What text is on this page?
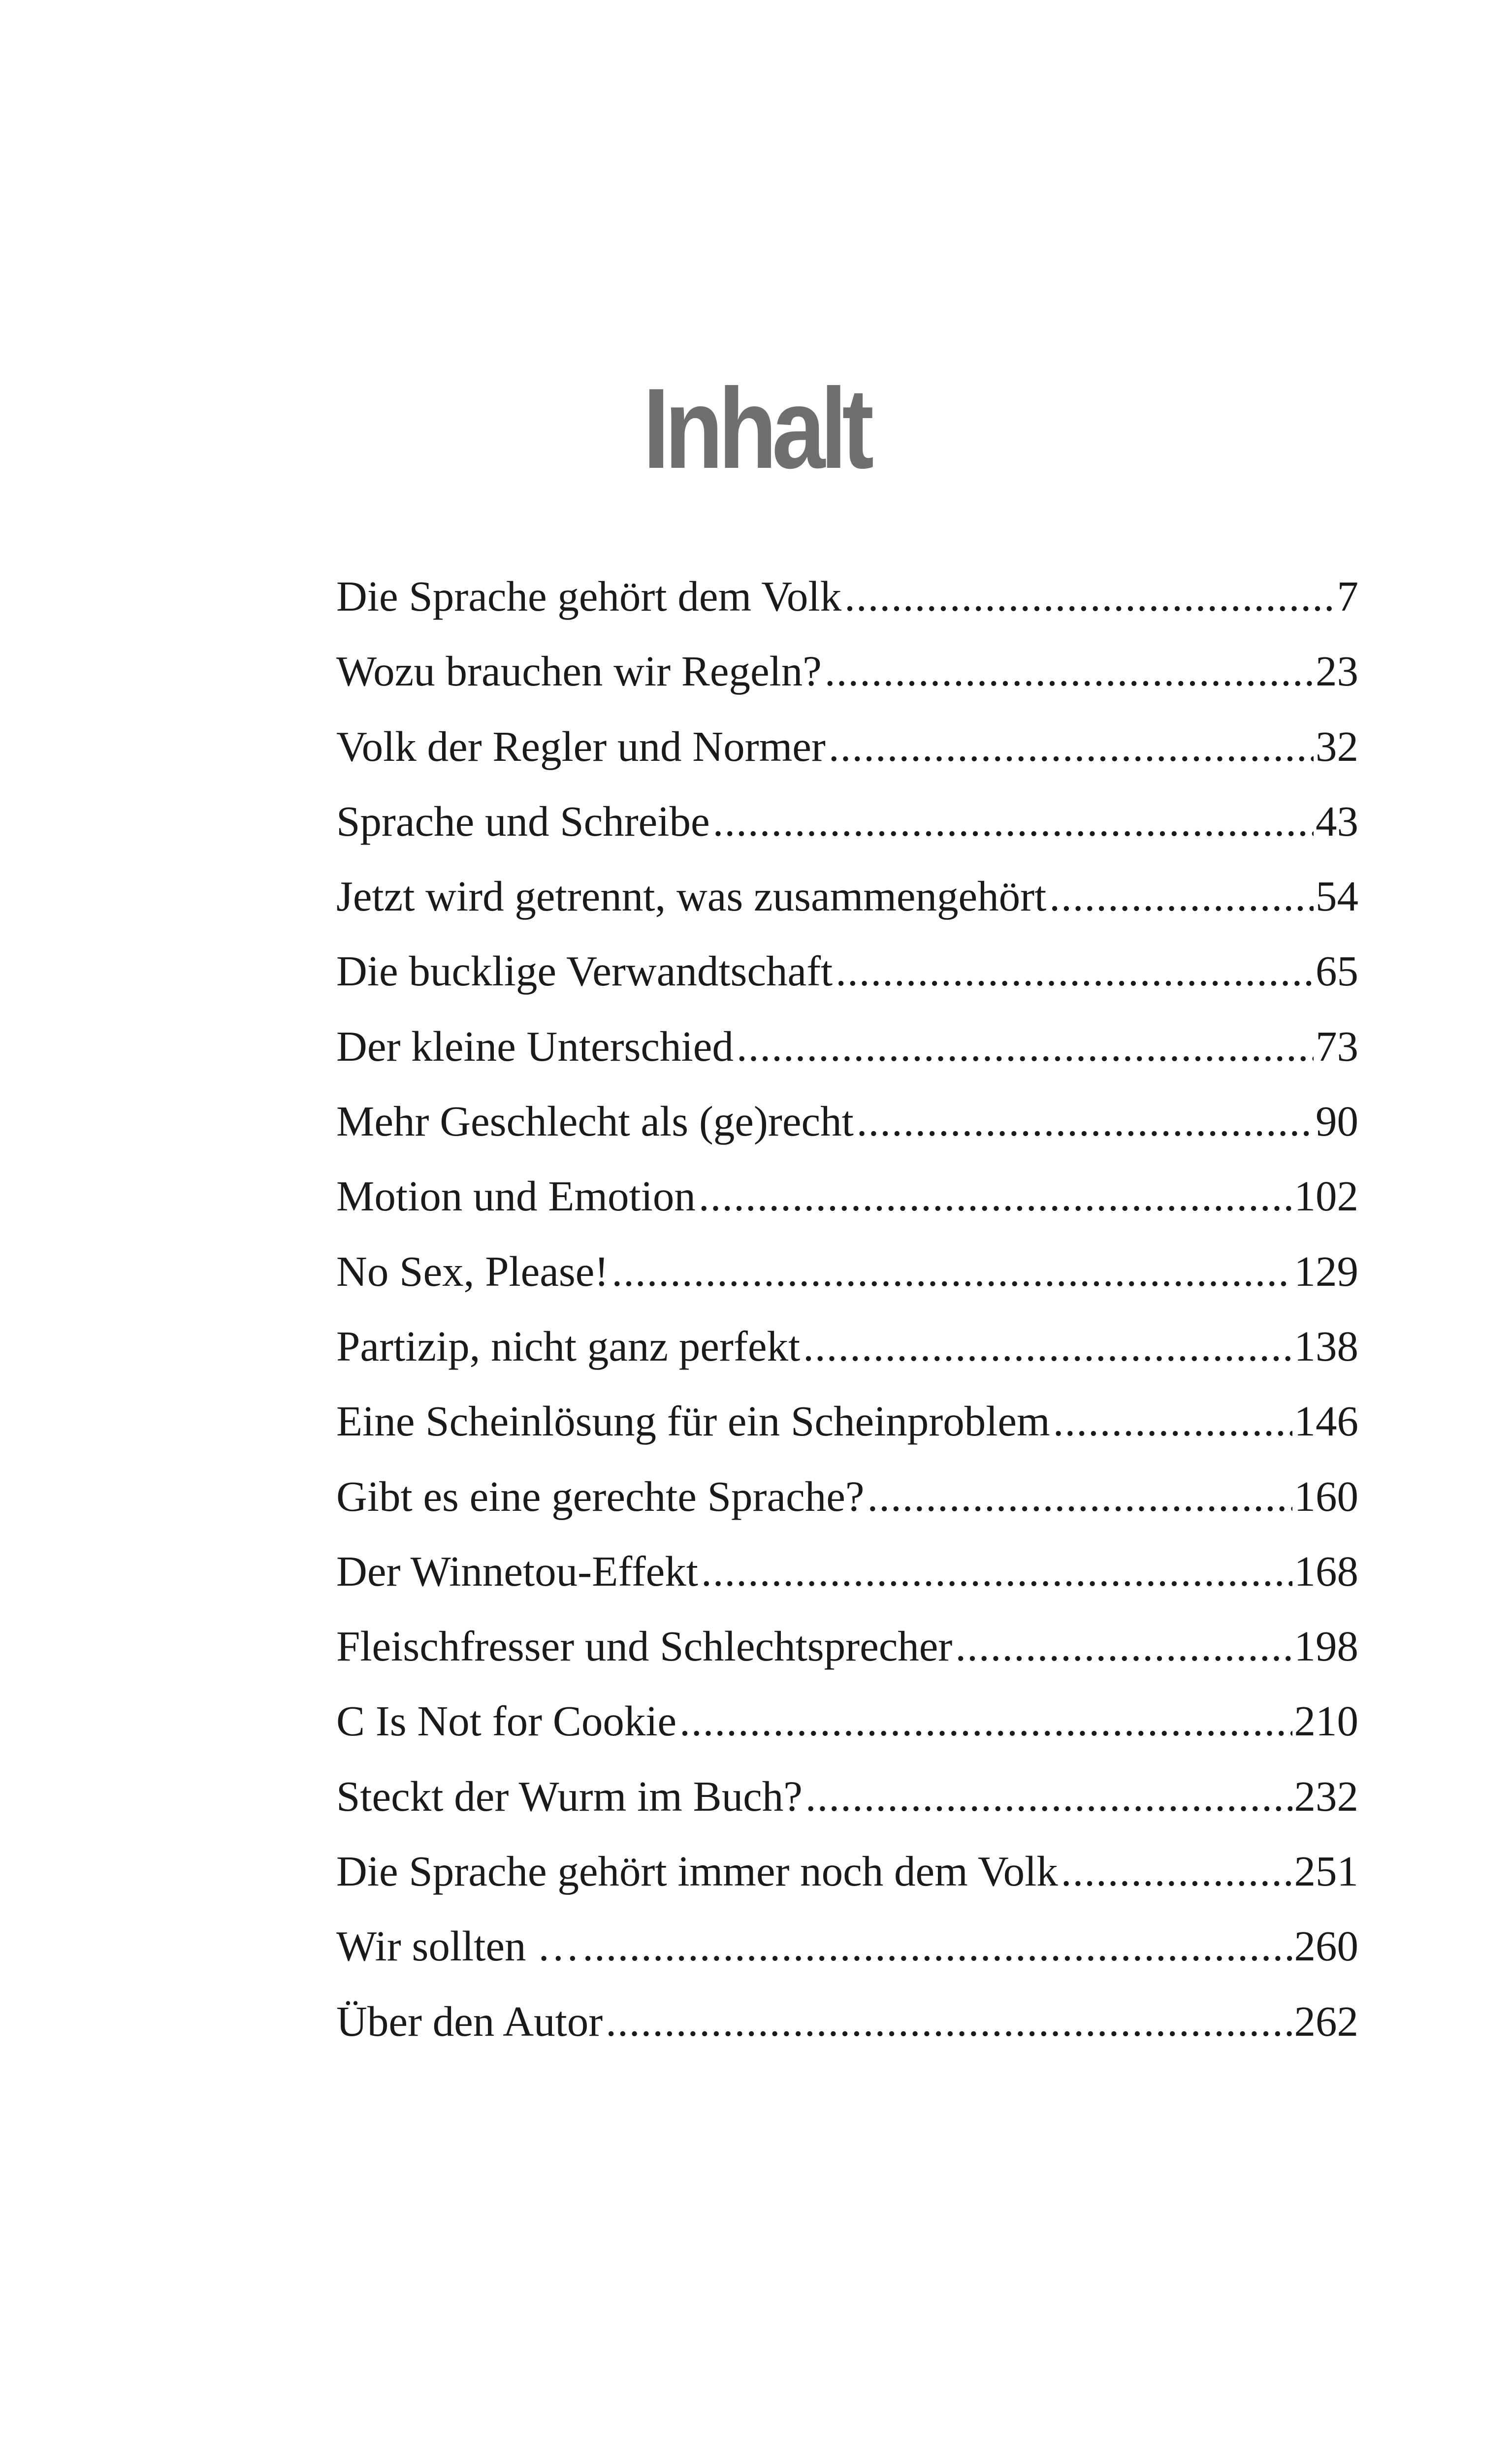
Inhalt
Die Sprache gehört dem Volk .....	7
Wozu brauchen wir Regeln? .....	23
Volk der Regler und Normer .....	32
Sprache und Schreibe .....	43
Jetzt wird getrennt, was zusammengehört .....	54
Die bucklige Verwandtschaft .....	65
Der kleine Unterschied .....	73
Mehr Geschlecht als (ge)recht .....	90
Motion und Emotion .....	102
No Sex, Please! .....	129
Partizip, nicht ganz perfekt .....	138
Eine Scheinlösung für ein Scheinproblem .....	146
Gibt es eine gerechte Sprache? .....	160
Der Winnetou-Effekt .....	168
Fleischfresser und Schlechtsprecher .....	198
C Is Not for Cookie .....	210
Steckt der Wurm im Buch? .....	232
Die Sprache gehört immer noch dem Volk .....	251
Wir sollten … .....	260
Über den Autor .....	262
